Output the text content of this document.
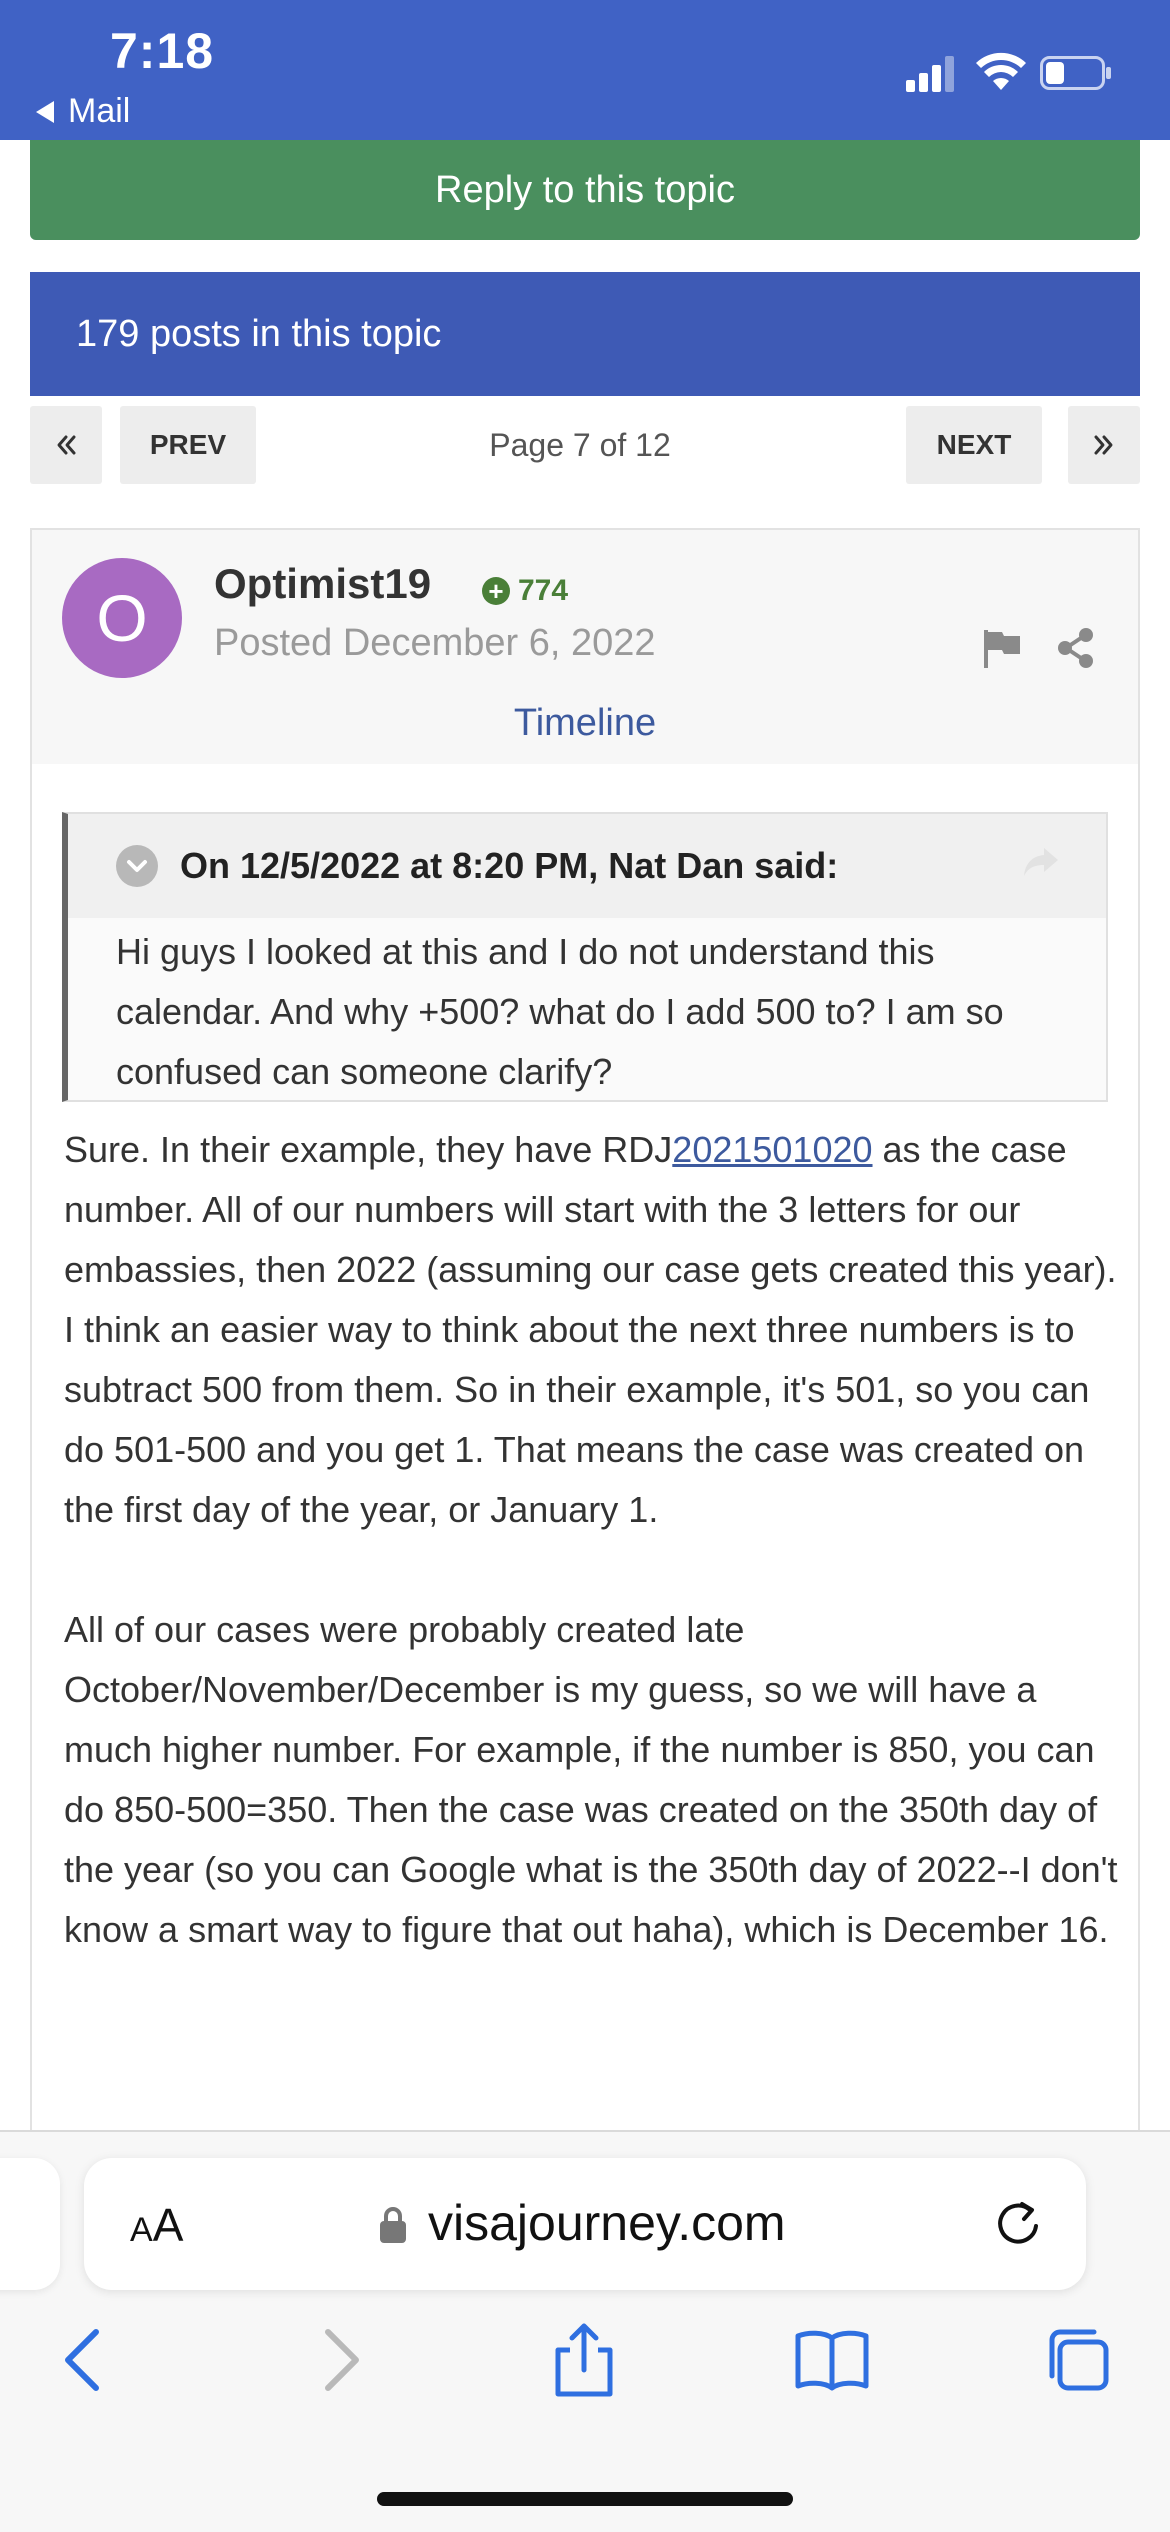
7:18
Mail
Reply to this topic
179 posts in this topic
PREV	Page 7 of 12	NEXT
O	Optimist19 + 774
Posted December 6, 2022
Timeline
On 12/5/2022 at 8:20 PM, Nat Dan said:
Hi guys I looked at this and I do not understand this calendar. And why +500? what do I add 500 to? I am so confused can someone clarify?

Sure. In their example, they have RDJ2021501020 as the case number. All of our numbers will start with the 3 letters for our embassies, then 2022 (assuming our case gets created this year). I think an easier way to think about the next three numbers is to subtract 500 from them. So in their example, it's 501, so you can do 501-500 and you get 1. That means the case was created on the first day of the year, or January 1.

All of our cases were probably created late October/November/December is my guess, so we will have a much higher number. For example, if the number is 850, you can do 850-500=350. Then the case was created on the 350th day of the year (so you can Google what is the 350th day of 2022--I don't know a smart way to figure that out haha), which is December 16.

AA	visajourney.com
